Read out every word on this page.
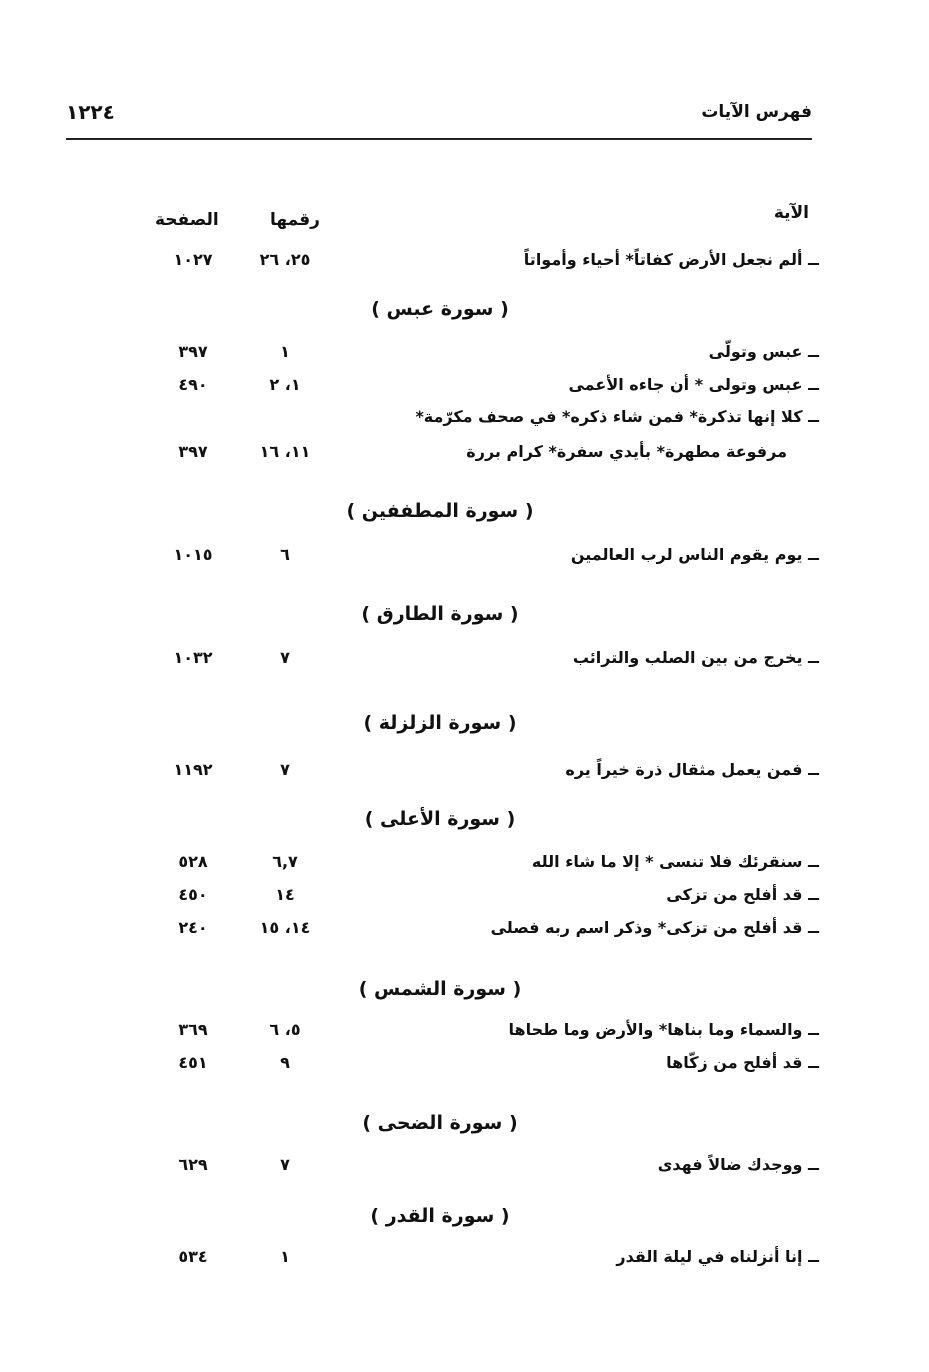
فهرس الآيات
١٢٢٤
الآية
رقمها
الصفحة
ــ ألم نجعل الأرض كفاتاً* أحياء وأمواتاً
٢٥، ٢٦
١٠٢٧
( سورة عبس )
ــ عبس وتولّى
١
٣٩٧
ــ عبس وتولى * أن جاءه الأعمى
١، ٢
٤٩٠
ــ كلا إنها تذكرة* فمن شاء ذكره* في صحف مكرّمة*
مرفوعة مطهرة* بأيدي سفرة* كرام بررة
١١، ١٦
٣٩٧
( سورة المطففين )
ــ يوم يقوم الناس لرب العالمين
٦
١٠١٥
( سورة الطارق )
ــ يخرج من بين الصلب والترائب
٧
١٠٣٢
( سورة الزلزلة )
ــ فمن يعمل مثقال ذرة خيراً يره
٧
١١٩٢
( سورة الأعلى )
ــ سنقرئك فلا تنسى * إلا ما شاء الله
٦,٧
٥٢٨
ــ قد أفلح من تزكى
١٤
٤٥٠
ــ قد أفلح من تزكى* وذكر اسم ربه فصلى
١٤، ١٥
٢٤٠
( سورة الشمس )
ــ والسماء وما بناها* والأرض وما طحاها
٥، ٦
٣٦٩
ــ قد أفلح من زكّاها
٩
٤٥١
( سورة الضحى )
ــ ووجدك ضالاً فهدى
٧
٦٢٩
( سورة القدر )
ــ إنا أنزلناه في ليلة القدر
١
٥٣٤
